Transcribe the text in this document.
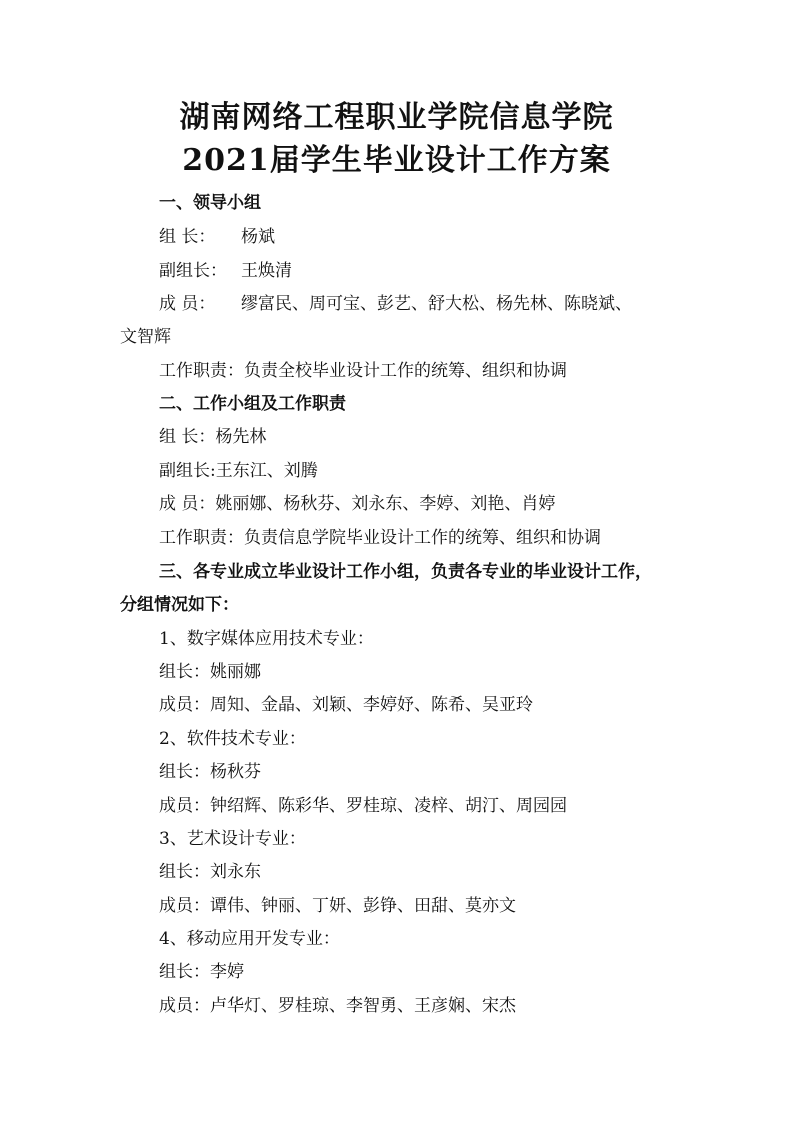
湖南网络工程职业学院信息学院
2021届学生毕业设计工作方案
一、领导小组
组 长： 杨斌
副组长： 王焕清
成 员： 缪富民、周可宝、彭艺、舒大松、杨先林、陈晓斌、
文智辉
工作职责：负责全校毕业设计工作的统筹、组织和协调
二、工作小组及工作职责
组 长：杨先林
副组长:王东江、刘腾
成 员：姚丽娜、杨秋芬、刘永东、李婷、刘艳、肖婷
工作职责：负责信息学院毕业设计工作的统筹、组织和协调
三、各专业成立毕业设计工作小组，负责各专业的毕业设计工作，
分组情况如下：
1、数字媒体应用技术专业：
组长：姚丽娜
成员：周知、金晶、刘颖、李婷妤、陈希、吴亚玲
2、软件技术专业：
组长：杨秋芬
成员：钟绍辉、陈彩华、罗桂琼、凌梓、胡汀、周园园
3、艺术设计专业：
组长：刘永东
成员：谭伟、钟丽、丁妍、彭铮、田甜、莫亦文
4、移动应用开发专业：
组长：李婷
成员：卢华灯、罗桂琼、李智勇、王彦娴、宋杰
